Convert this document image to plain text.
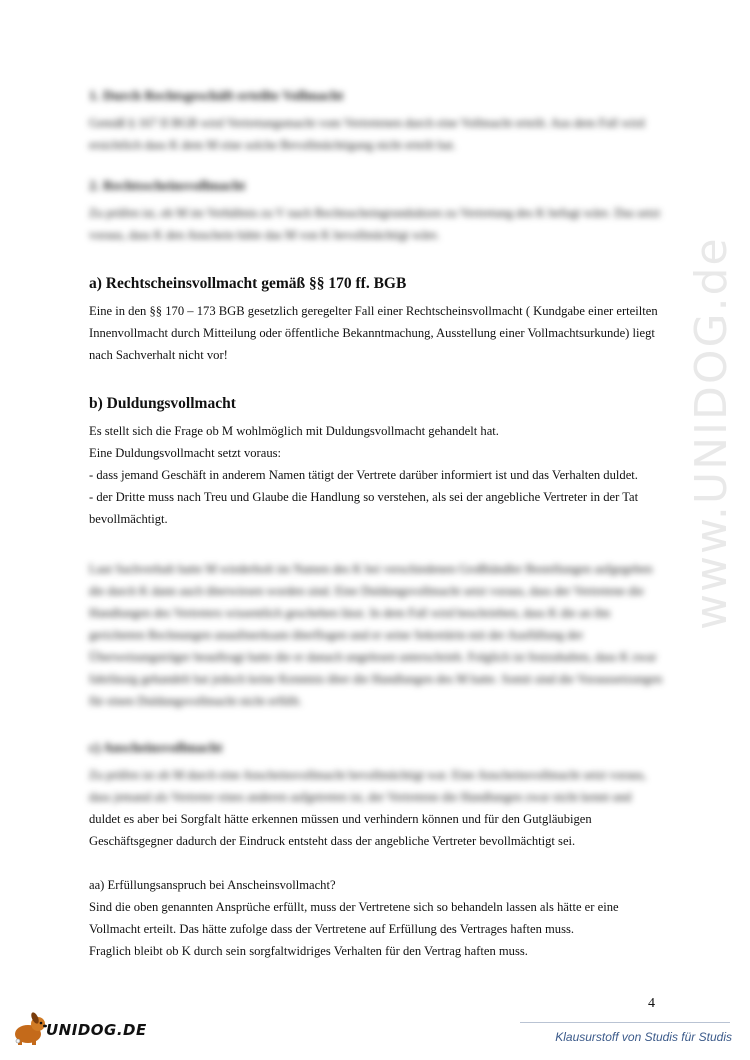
1. Durch Rechtsgeschäft erteilte Vollmacht

Gemäß § 167 II BGB wird Vertretungsmacht vom Vertretenen durch eine Vollmacht erteilt. Aus dem Fall wird ersichtlich dass K dem M eine solche Bevollmächtigung nicht erteilt hat.

2. Rechtsscheinsvollmacht

Zu prüfen ist, ob M im Verhältnis zu V nach Rechtsscheingrundsätzen zu Vertretung des K befugt wäre. Das setzt voraus, dass K den Anschein hätte das M von K bevollmächtigt wäre.

a) Rechtscheinsvollmacht gemäß §§ 170 ff. BGB

Eine in den §§ 170 – 173 BGB gesetzlich geregelter Fall einer Rechtscheinsvollmacht ( Kundgabe einer erteilten Innenvollmacht durch Mitteilung oder öffentliche Bekanntmachung, Ausstellung einer Vollmachtsurkunde) liegt nach Sachverhalt nicht vor!

b) Duldungsvollmacht

Es stellt sich die Frage ob M wohlmöglich mit Duldungsvollmacht gehandelt hat.

Eine Duldungsvollmacht setzt voraus:

- dass jemand Geschäft in anderem Namen tätigt der Vertrete darüber informiert ist und das Verhalten duldet.

- der Dritte muss nach Treu und Glaube die Handlung so verstehen, als sei der angebliche Vertreter in der Tat bevollmächtigt.

Laut Sachverhalt hatte M wiederholt im Namen des K bei verschiedenen Großhändler Bestellungen aufgegeben die durch K dann auch überwiesen worden sind. Eine Duldungsvollmacht setzt voraus, dass der Vertretene die Handlungen des Vertreters wissentlich geschehen lässt. In dem Fall wird beschrieben, dass K die an ihn gerichteten Rechnungen unaufmerksam überflogen und er seine Sekretärin mit der Ausfüllung der Überweisungsträger beauftragt hatte die er danach ungelesen unterschrieb. Folglich ist festzuhalten, dass K zwar fahrlässig gehandelt hat jedoch keine Kenntnis über die Handlungen des M hatte. Somit sind die Voraussetzungen für einen Duldungsvollmacht nicht erfüllt.

c) Anscheinsvollmacht

Zu prüfen ist ob M durch eine Anscheinsvollmacht bevollmächtigt war. Eine Anscheinsvollmacht setzt voraus, dass jemand als Vertreter eines anderen aufgetreten ist, der Vertretene die Handlungen zwar nicht kennt und

duldet es aber bei Sorgfalt hätte erkennen müssen und verhindern können und für den Gutgläubigen Geschäftsgegner dadurch der Eindruck entsteht dass der angebliche Vertreter bevollmächtigt sei.

aa) Erfüllungsanspruch bei Anscheinsvollmacht?

Sind die oben genannten Ansprüche erfüllt, muss der Vertretene sich so behandeln lassen als hätte er eine Vollmacht erteilt. Das hätte zufolge dass der Vertretene auf Erfüllung des Vertrages haften muss.

Fraglich bleibt ob K durch sein sorgfaltwidriges Verhalten für den Vertrag haften muss.

www.UNIDOG.de
4
UNIDOG.DE	Klausurstoff von Studis für Studis
